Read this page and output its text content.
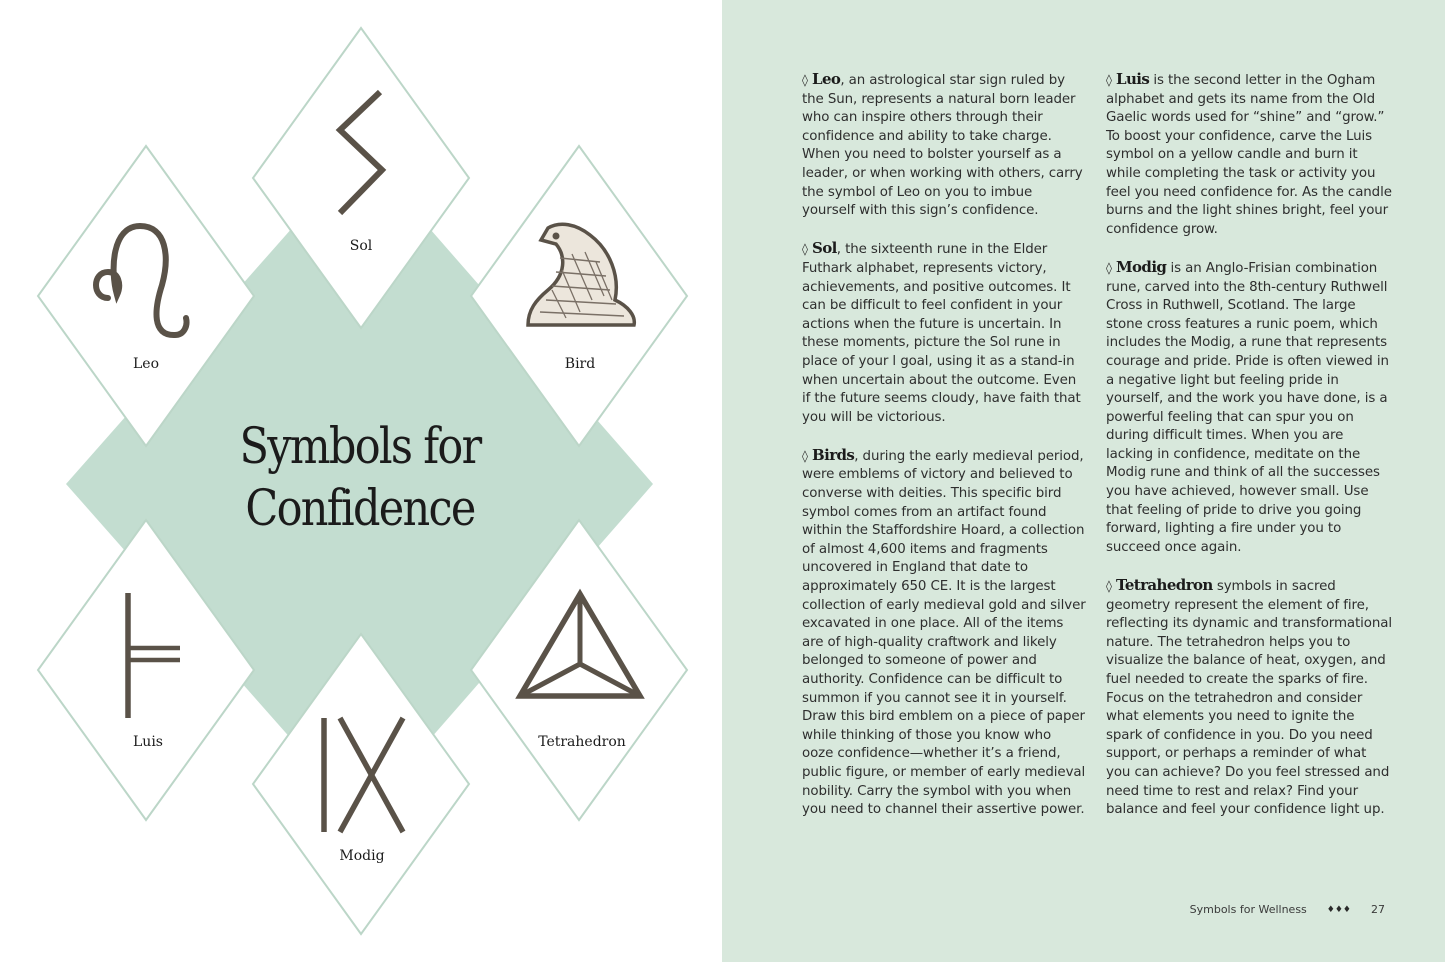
Sol
Leo	Bird
Luis	Tetrahedron
Modig
Symbols for
Confidence

◊ Leo, an astrological star sign ruled by the Sun, represents a natural born leader who can inspire others through their confidence and ability to take charge. When you need to bolster yourself as a leader, or when working with others, carry the symbol of Leo on you to imbue yourself with this sign’s confidence.

◊ Sol, the sixteenth rune in the Elder Futhark alphabet, represents victory, achievements, and positive outcomes. It can be difficult to feel confident in your actions when the future is uncertain. In these moments, picture the Sol rune in place of your l goal, using it as a stand-in when uncertain about the outcome. Even if the future seems cloudy, have faith that you will be victorious.

◊ Birds, during the early medieval period, were emblems of victory and believed to converse with deities. This specific bird symbol comes from an artifact found within the Staffordshire Hoard, a collection of almost 4,600 items and fragments uncovered in England that date to approximately 650 CE. It is the largest collection of early medieval gold and silver excavated in one place. All of the items are of high-quality craftwork and likely belonged to someone of power and authority. Confidence can be difficult to summon if you cannot see it in yourself. Draw this bird emblem on a piece of paper while thinking of those you know who ooze confidence—whether it’s a friend, public figure, or member of early medieval nobility. Carry the symbol with you when you need to channel their assertive power.

◊ Luis is the second letter in the Ogham alphabet and gets its name from the Old Gaelic words used for “shine” and “grow.” To boost your confidence, carve the Luis symbol on a yellow candle and burn it while completing the task or activity you feel you need confidence for. As the candle burns and the light shines bright, feel your confidence grow.

◊ Modig is an Anglo-Frisian combination rune, carved into the 8th-century Ruthwell Cross in Ruthwell, Scotland. The large stone cross features a runic poem, which includes the Modig, a rune that represents courage and pride. Pride is often viewed in a negative light but feeling pride in yourself, and the work you have done, is a powerful feeling that can spur you on during difficult times. When you are lacking in confidence, meditate on the Modig rune and think of all the successes you have achieved, however small. Use that feeling of pride to drive you going forward, lighting a fire under you to succeed once again.

◊ Tetrahedron symbols in sacred geometry represent the element of fire, reflecting its dynamic and transformational nature. The tetrahedron helps you to visualize the balance of heat, oxygen, and fuel needed to create the sparks of fire. Focus on the tetrahedron and consider what elements you need to ignite the spark of confidence in you. Do you need support, or perhaps a reminder of what you can achieve? Do you feel stressed and need time to rest and relax? Find your balance and feel your confidence light up.

Symbols for Wellness ♦♦♦ 27
